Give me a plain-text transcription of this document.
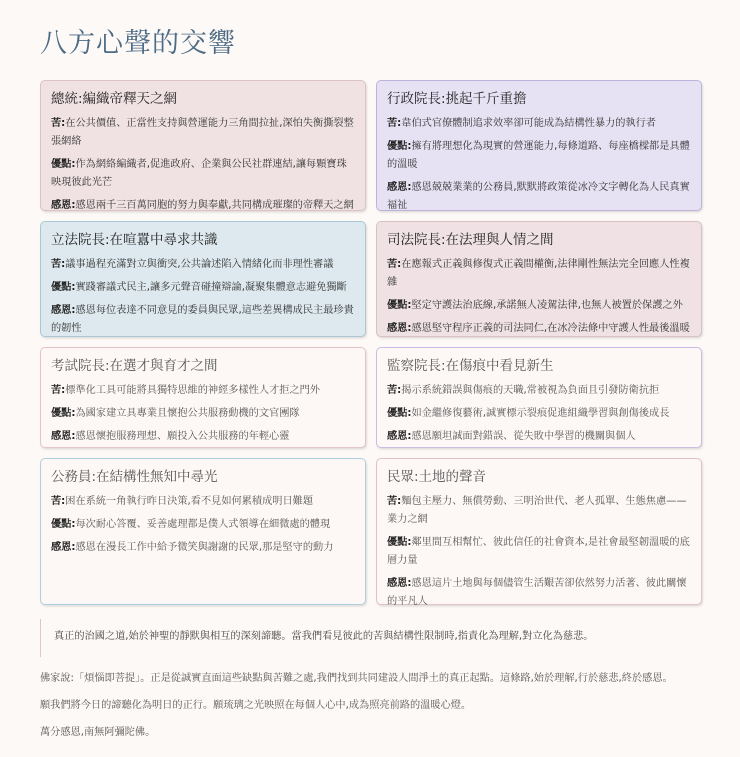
八方心聲的交響
總統:編織帝釋天之網

苦:在公共價值、正當性支持與營運能力三角間拉扯,深怕失衡撕裂整張網絡

優點:作為網絡編織者,促進政府、企業與公民社群連結,讓每顆寶珠映現彼此光芒

感恩:感恩兩千三百萬同胞的努力與奉獻,共同構成璀璨的帝釋天之網

行政院長:挑起千斤重擔

苦:韋伯式官僚體制追求效率卻可能成為結構性暴力的執行者

優點:擁有將理想化為現實的營運能力,每條道路、每座橋樑都是具體的溫暖

感恩:感恩兢兢業業的公務員,默默將政策從冰冷文字轉化為人民真實福祉

立法院長:在喧囂中尋求共識

苦:議事過程充滿對立與衝突,公共論述陷入情緒化而非理性審議

優點:實踐審議式民主,讓多元聲音碰撞辯論,凝聚集體意志避免獨斷

感恩:感恩每位表達不同意見的委員與民眾,這些差異構成民主最珍貴的韌性

司法院長:在法理與人情之間

苦:在應報式正義與修復式正義間權衡,法律剛性無法完全回應人性複雜

優點:堅定守護法治底線,承諾無人凌駕法律,也無人被置於保護之外

感恩:感恩堅守程序正義的司法同仁,在冰冷法條中守護人性最後溫暖

考試院長:在選才與育才之間

苦:標準化工具可能將具獨特思維的神經多樣性人才拒之門外

優點:為國家建立具專業且懷抱公共服務動機的文官團隊

感恩:感恩懷抱服務理想、願投入公共服務的年輕心靈

監察院長:在傷痕中看見新生

苦:揭示系統錯誤與傷痕的天職,常被視為負面且引發防衛抗拒

優點:如金繼修復藝術,誠實標示裂痕促進組織學習與創傷後成長

感恩:感恩願坦誠面對錯誤、從失敗中學習的機關與個人

公務員:在結構性無知中尋光

苦:困在系統一角執行昨日決策,看不見如何累積成明日難題

優點:每次耐心答覆、妥善處理都是僕人式領導在細微處的體現

感恩:感恩在漫長工作中給予微笑與謝謝的民眾,那是堅守的動力

民眾:土地的聲音

苦:麵包主壓力、無償勞動、三明治世代、老人孤單、生態焦慮——業力之網

優點:鄰里間互相幫忙、彼此信任的社會資本,是社會最堅韌溫暖的底層力量

感恩:感恩這片土地與每個儘管生活艱苦卻依然努力活著、彼此關懷的平凡人

真正的治國之道,始於神聖的靜默與相互的深刻諦聽。當我們看見彼此的苦與結構性限制時,指責化為理解,對立化為慈悲。

佛家說:「煩惱即菩提」。正是從誠實直面這些缺點與苦難之處,我們找到共同建設人間淨土的真正起點。這條路,始於理解,行於慈悲,終於感恩。

願我們將今日的諦聽化為明日的正行。願琉璃之光映照在每個人心中,成為照亮前路的溫暖心燈。

萬分感恩,南無阿彌陀佛。
